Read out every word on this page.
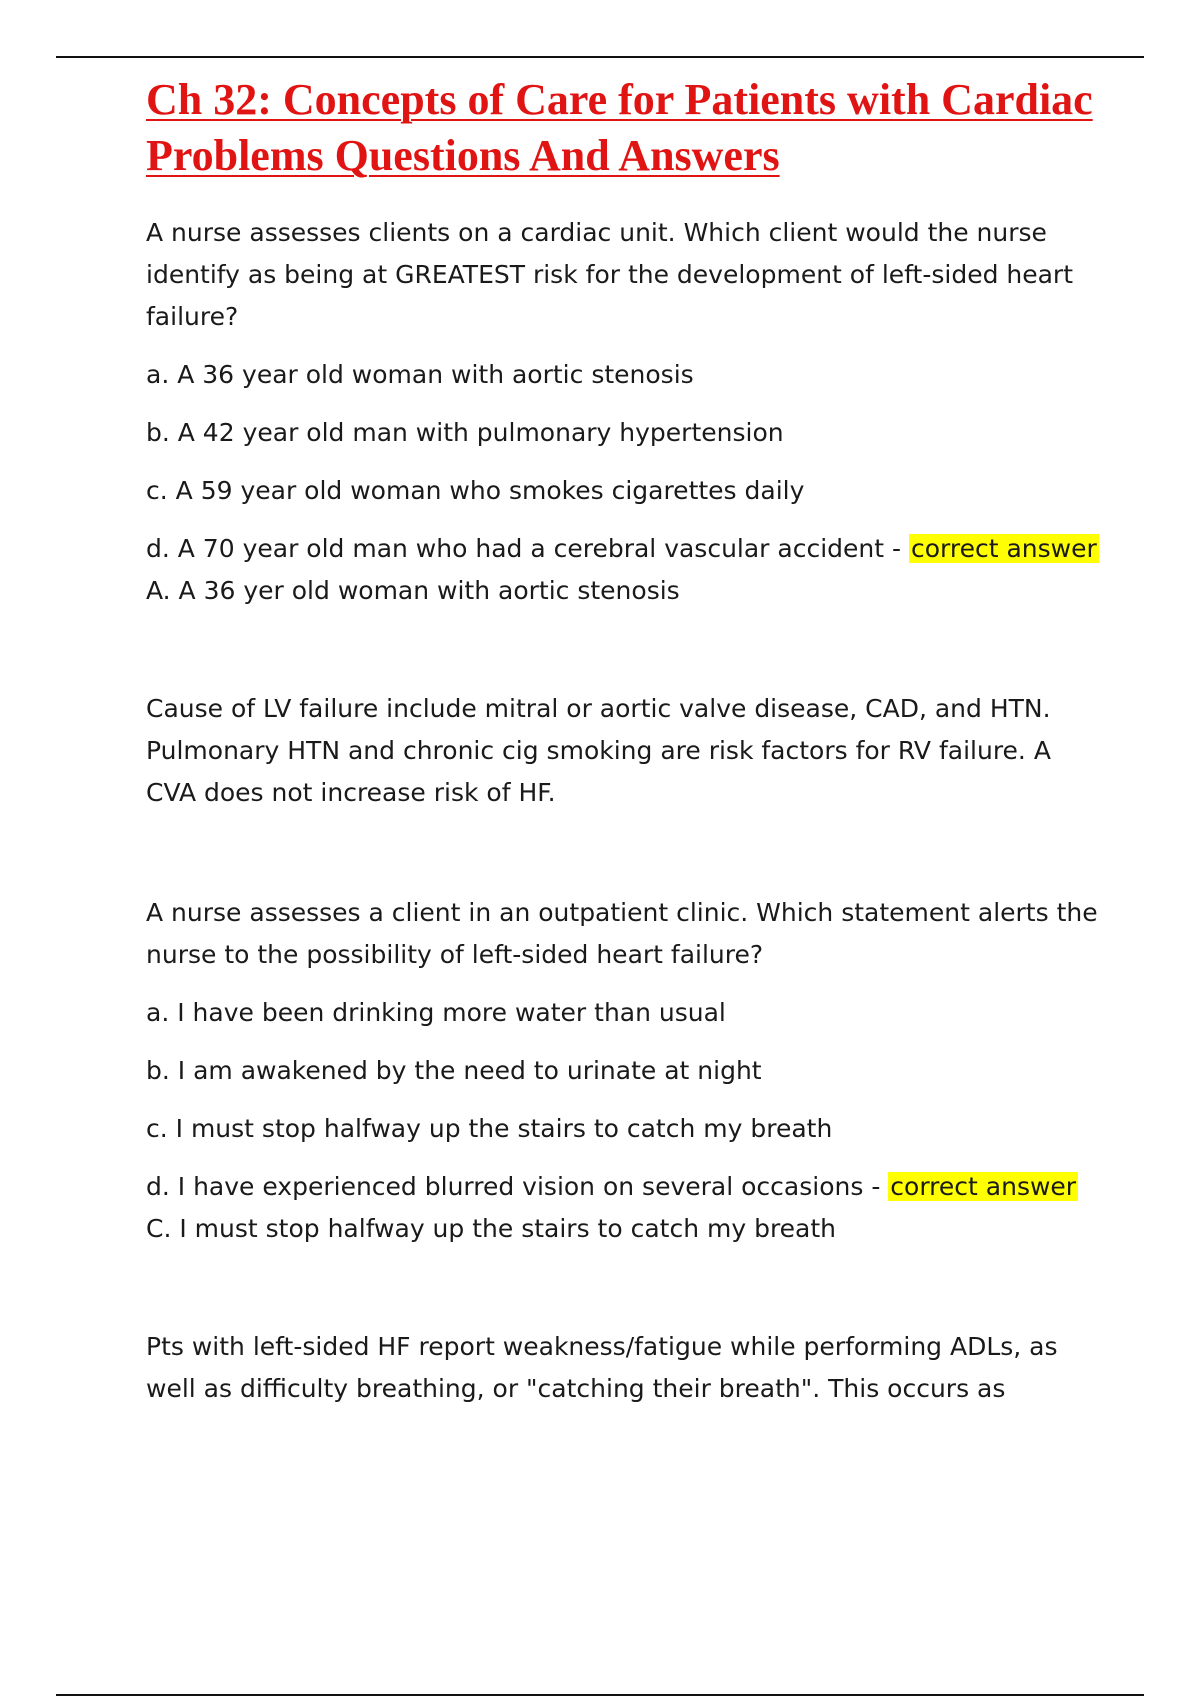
Ch 32: Concepts of Care for Patients with Cardiac Problems Questions And Answers

A nurse assesses clients on a cardiac unit. Which client would the nurse identify as being at GREATEST risk for the development of left-sided heart failure?

a. A 36 year old woman with aortic stenosis

b. A 42 year old man with pulmonary hypertension

c. A 59 year old woman who smokes cigarettes daily

d. A 70 year old man who had a cerebral vascular accident - correct answer A. A 36 yer old woman with aortic stenosis

Cause of LV failure include mitral or aortic valve disease, CAD, and HTN. Pulmonary HTN and chronic cig smoking are risk factors for RV failure. A CVA does not increase risk of HF.

A nurse assesses a client in an outpatient clinic. Which statement alerts the nurse to the possibility of left-sided heart failure?

a. I have been drinking more water than usual

b. I am awakened by the need to urinate at night

c. I must stop halfway up the stairs to catch my breath

d. I have experienced blurred vision on several occasions - correct answer C. I must stop halfway up the stairs to catch my breath

Pts with left-sided HF report weakness/fatigue while performing ADLs, as well as difficulty breathing, or "catching their breath". This occurs as
